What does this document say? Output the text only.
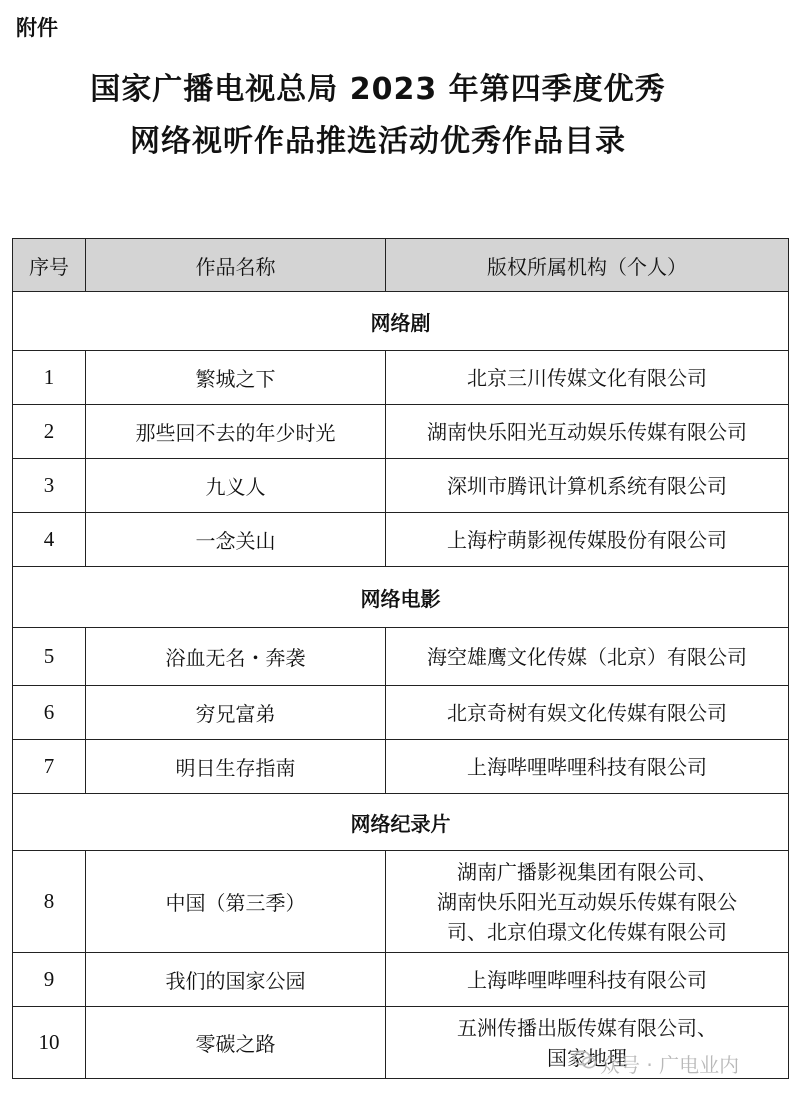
附件
国家广播电视总局 2023 年第四季度优秀
网络视听作品推选活动优秀作品目录
序号	作品名称	版权所属机构（个人）
网络剧		
1	繁城之下	北京三川传媒文化有限公司
2	那些回不去的年少时光	湖南快乐阳光互动娱乐传媒有限公司
3	九义人	深圳市腾讯计算机系统有限公司
4	一念关山	上海柠萌影视传媒股份有限公司
网络电影		
5	浴血无名・奔袭	海空雄鹰文化传媒（北京）有限公司
6	穷兄富弟	北京奇树有娱文化传媒有限公司
7	明日生存指南	上海哔哩哔哩科技有限公司
网络纪录片		
8	中国（第三季）	湖南广播影视集团有限公司、
湖南快乐阳光互动娱乐传媒有限公
司、北京伯璟文化传媒有限公司

9	我们的国家公园	上海哔哩哔哩科技有限公司
10	零碳之路	五洲传播出版传媒有限公司、
国家地理
众号 · 广电业内
